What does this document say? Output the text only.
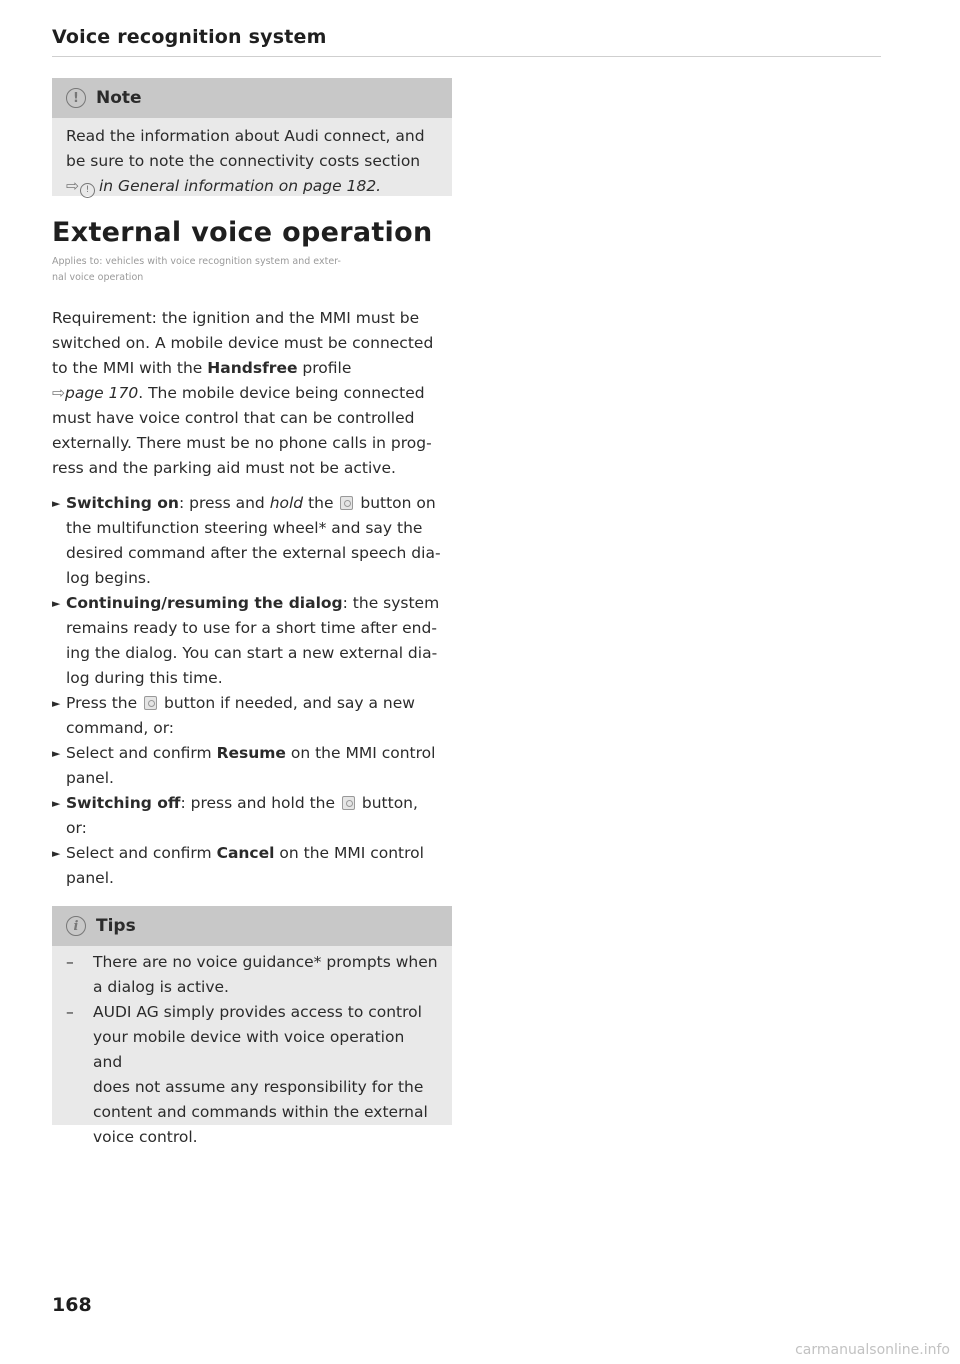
Voice recognition system
!	Note

Read the information about Audi connect, and

be sure to note the connectivity costs section

⇨ ! in General information on page 182.

External voice operation
Applies to: vehicles with voice recognition system and exter-
nal voice operation
Requirement: the ignition and the MMI must be
switched on. A mobile device must be connected
to the MMI with the Handsfree profile
⇨page 170. The mobile device being connected
must have voice control that can be controlled
externally. There must be no phone calls in prog-
ress and the parking aid must not be active.
► Switching on: press and hold the  button on
the multifunction steering wheel* and say the
desired command after the external speech dia-
log begins.
► Continuing/resuming the dialog: the system
remains ready to use for a short time after end-
ing the dialog. You can start a new external dia-
log during this time.
► Press the  button if needed, and say a new
command, or:
► Select and confirm Resume on the MMI control
panel.
► Switching off: press and hold the  button,
or:
► Select and confirm Cancel on the MMI control
panel.
i	Tips
– There are no voice guidance* prompts when
a dialog is active.
– AUDI AG simply provides access to control
your mobile device with voice operation and
does not assume any responsibility for the
content and commands within the external
voice control.
168
carmanualsonline.info
